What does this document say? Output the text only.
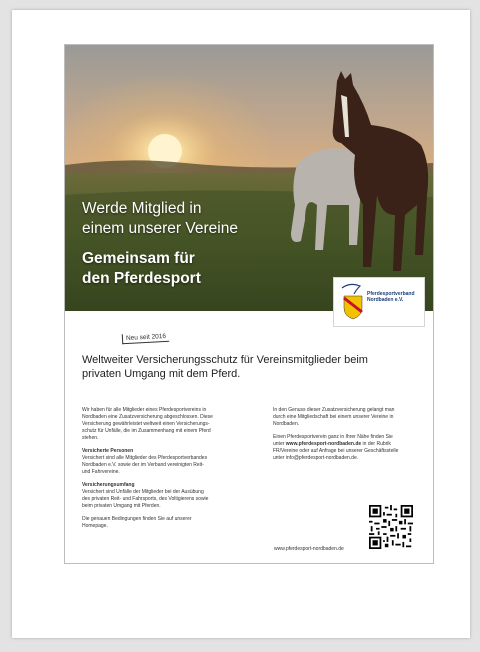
Werde Mitglied in
einem unserer Vereine
Gemeinsam für
den Pferdesport
Pferdesportverband
Nordbaden e.V.
Neu seit 2016
Weltweiter Versicherungsschutz für Vereinsmitglieder beim
privaten Umgang mit dem Pferd.

Wir haben für alle Mitglieder eines Pferdesportvereins in
Nordbaden eine Zusatzversicherung abgeschlossen. Diese
Versicherung gewährleistet weltweit einen Versicherungs-
schutz für Unfälle, die im Zusammenhang mit einem Pferd
stehen.

Versicherte Personen
Versichert sind alle Mitglieder des Pferdesportverbandes
Nordbaden e.V. sowie der im Verband vereinigten Reit-
und Fahrvereine.

Versicherungsumfang
Versichert sind Unfälle der Mitglieder bei der Ausübung
des privaten Reit- und Fahrsports, des Voltigierens sowie
beim privaten Umgang mit Pferden.

Die genauen Bedingungen finden Sie auf unserer
Homepage.

In den Genuss dieser Zusatzversicherung gelangt man
durch eine Mitgliedschaft bei einem unserer Vereine in
Nordbaden.

Einen Pferdesportverein ganz in Ihrer Nähe finden Sie
unter www.pferdesport-nordbaden.de in der Rubrik
FR/Vereine oder auf Anfrage bei unserer Geschäftsstelle
unter info@pferdesport-nordbaden.de.

www.pferdesport-nordbaden.de
